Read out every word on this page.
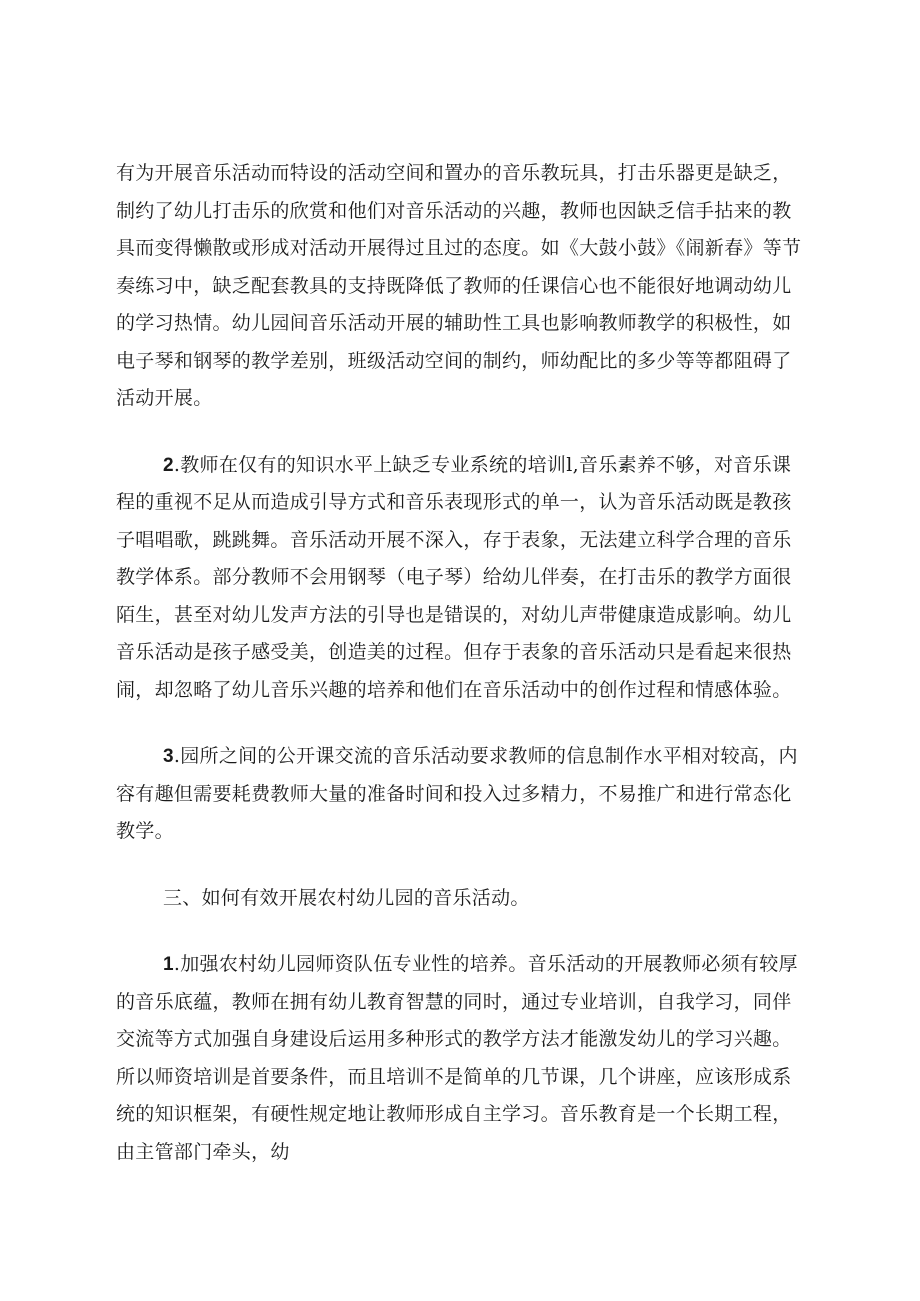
有为开展音乐活动而特设的活动空间和置办的音乐教玩具，打击乐器更是缺乏，制约了幼儿打击乐的欣赏和他们对音乐活动的兴趣，教师也因缺乏信手拈来的教具而变得懒散或形成对活动开展得过且过的态度。如《大鼓小鼓》《闹新春》等节奏练习中，缺乏配套教具的支持既降低了教师的任课信心也不能很好地调动幼儿的学习热情。幼儿园间音乐活动开展的辅助性工具也影响教师教学的积极性，如电子琴和钢琴的教学差别，班级活动空间的制约，师幼配比的多少等等都阻碍了活动开展。

2.教师在仅有的知识水平上缺乏专业系统的培训l,音乐素养不够，对音乐课程的重视不足从而造成引导方式和音乐表现形式的单一，认为音乐活动既是教孩子唱唱歌，跳跳舞。音乐活动开展不深入，存于表象，无法建立科学合理的音乐教学体系。部分教师不会用钢琴（电子琴）给幼儿伴奏，在打击乐的教学方面很陌生，甚至对幼儿发声方法的引导也是错误的，对幼儿声带健康造成影响。幼儿音乐活动是孩子感受美，创造美的过程。但存于表象的音乐活动只是看起来很热闹，却忽略了幼儿音乐兴趣的培养和他们在音乐活动中的创作过程和情感体验。

3.园所之间的公开课交流的音乐活动要求教师的信息制作水平相对较高，内容有趣但需要耗费教师大量的准备时间和投入过多精力，不易推广和进行常态化教学。

三、如何有效开展农村幼儿园的音乐活动。

1.加强农村幼儿园师资队伍专业性的培养。音乐活动的开展教师必须有较厚的音乐底蕴，教师在拥有幼儿教育智慧的同时，通过专业培训，自我学习，同伴交流等方式加强自身建设后运用多种形式的教学方法才能激发幼儿的学习兴趣。所以师资培训是首要条件，而且培训不是简单的几节课，几个讲座，应该形成系统的知识框架，有硬性规定地让教师形成自主学习。音乐教育是一个长期工程，由主管部门牵头，幼
